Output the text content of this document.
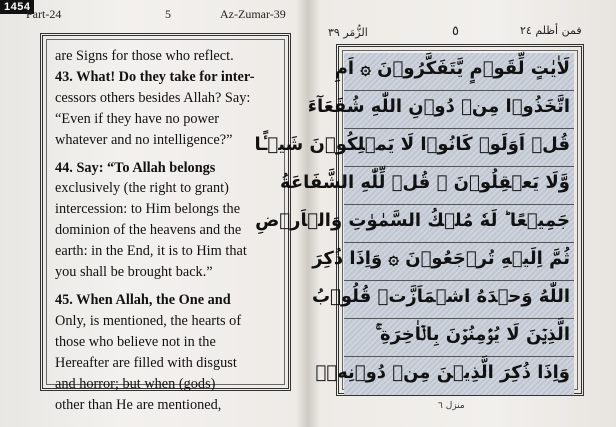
1454
Part-24	5	Az-Zumar-39

are Signs for those who reflect.

43. What! Do they take for inter-

cessors others besides Allah? Say:

“Even if they have no power

whatever and no intelligence?”

44. Say: “To Allah belongs

exclusively (the right to grant)

intercession: to Him belongs the

dominion of the heavens and the

earth: in the End, it is to Him that

you shall be brought back.”

45. When Allah, the One and

Only, is mentioned, the hearts of

those who believe not in the

Hereafter are filled with disgust

and horror; but when (gods)

other than He are mentioned,

الزُّمَر ٣٩	٥	فمن أظلم ٢٤
لَاٰيٰتٍ لِّقَوۡمٍ يَّتَفَكَّرُوۡنَ ۞ اَمِ
اتَّخَذُوۡا مِنۡ دُوۡنِ اللّٰهِ شُفَعَآءَ
قُلۡ اَوَلَوۡ كَانُوۡا لَا يَمۡلِكُوۡنَ شَيۡـًٔا
وَّلَا يَعۡقِلُوۡنَ ۞ قُلۡ لِّلّٰهِ الشَّفَاعَةُ
جَمِيۡعًا ؕ لَهٗ مُلۡكُ السَّمٰوٰتِ وَالۡاَرۡضِ
ثُمَّ اِلَيۡهِ تُرۡجَعُوۡنَ ۞ وَاِذَا ذُكِرَ
اللّٰهُ وَحۡدَهُ اشۡمَاَزَّتۡ قُلُوۡبُ
الَّذِيۡنَ لَا يُؤۡمِنُوۡنَ بِالۡاٰخِرَةِ ۚ
وَاِذَا ذُكِرَ الَّذِيۡنَ مِنۡ دُوۡنِهٖۤ
منزل ٦
